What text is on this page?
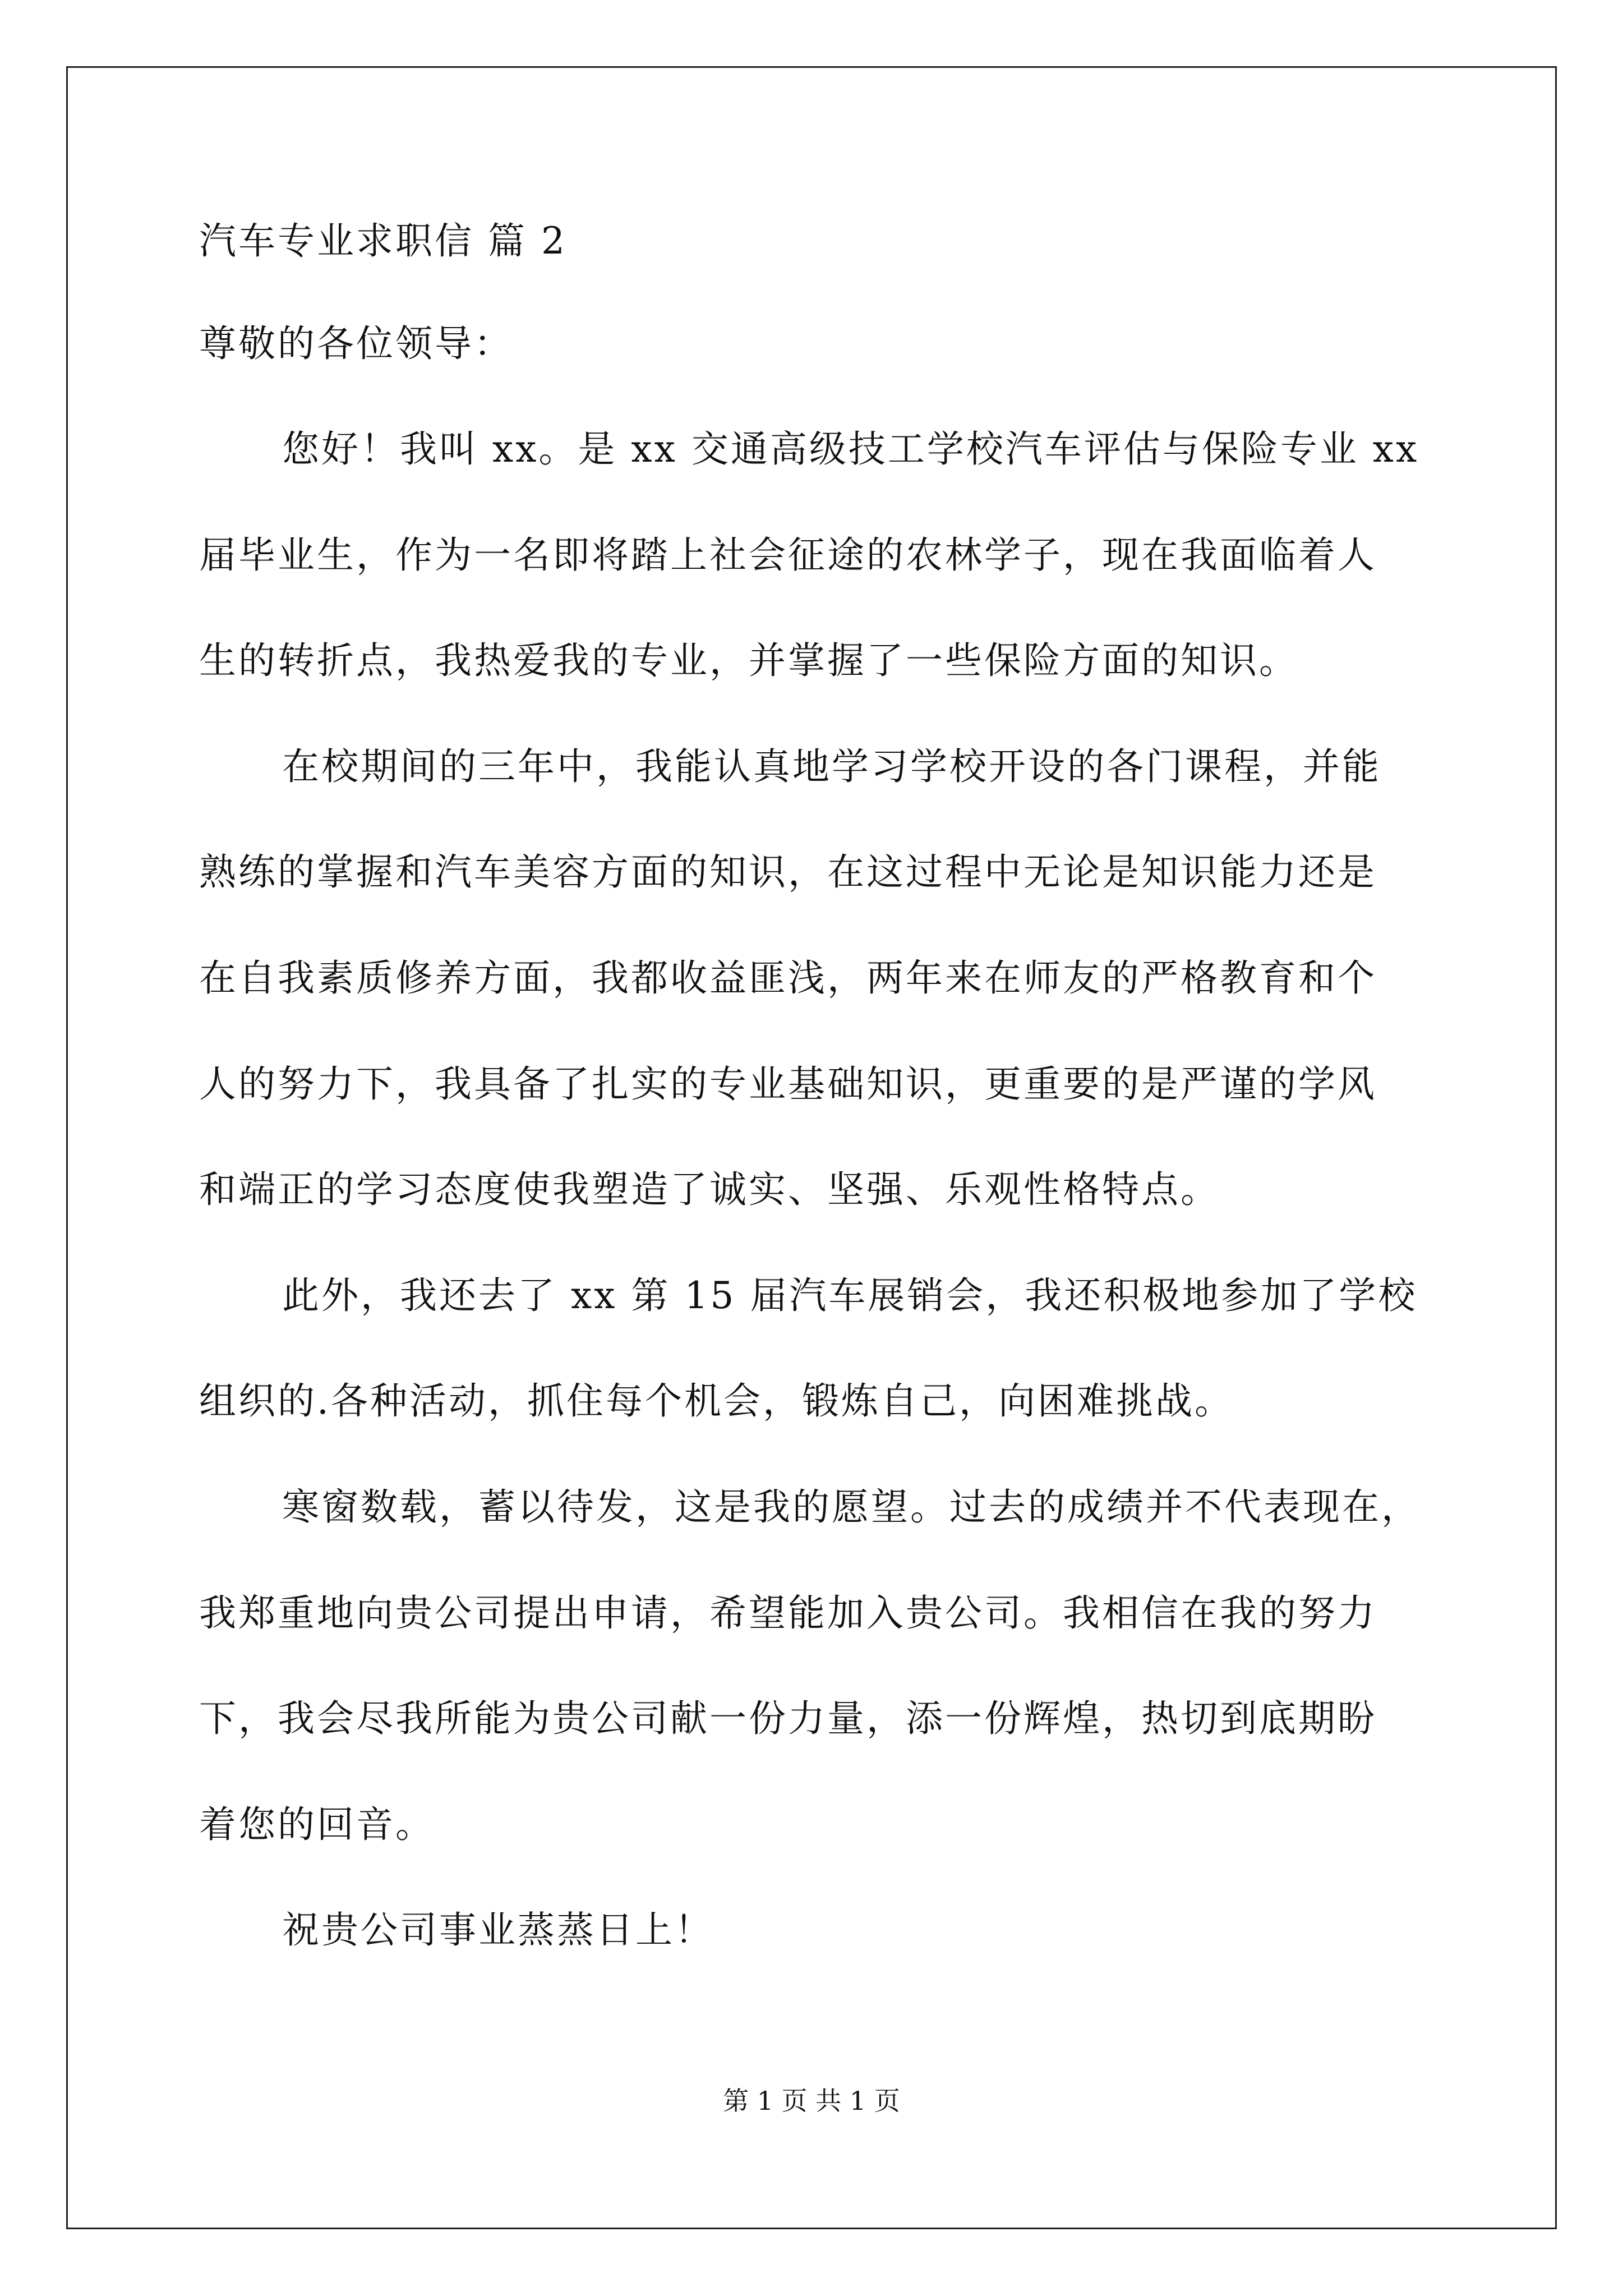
汽车专业求职信 篇 2
尊敬的各位领导：
您好！我叫 xx。是 xx 交通高级技工学校汽车评估与保险专业 xx
届毕业生，作为一名即将踏上社会征途的农林学子，现在我面临着人
生的转折点，我热爱我的专业，并掌握了一些保险方面的知识。
在校期间的三年中，我能认真地学习学校开设的各门课程，并能
熟练的掌握和汽车美容方面的知识，在这过程中无论是知识能力还是
在自我素质修养方面，我都收益匪浅，两年来在师友的严格教育和个
人的努力下，我具备了扎实的专业基础知识，更重要的是严谨的学风
和端正的学习态度使我塑造了诚实、坚强、乐观性格特点。
此外，我还去了 xx 第 15 届汽车展销会，我还积极地参加了学校
组织的.各种活动，抓住每个机会，锻炼自己，向困难挑战。
寒窗数载，蓄以待发，这是我的愿望。过去的成绩并不代表现在，
我郑重地向贵公司提出申请，希望能加入贵公司。我相信在我的努力
下，我会尽我所能为贵公司献一份力量，添一份辉煌，热切到底期盼
着您的回音。
祝贵公司事业蒸蒸日上！
第 1 页 共 1 页
